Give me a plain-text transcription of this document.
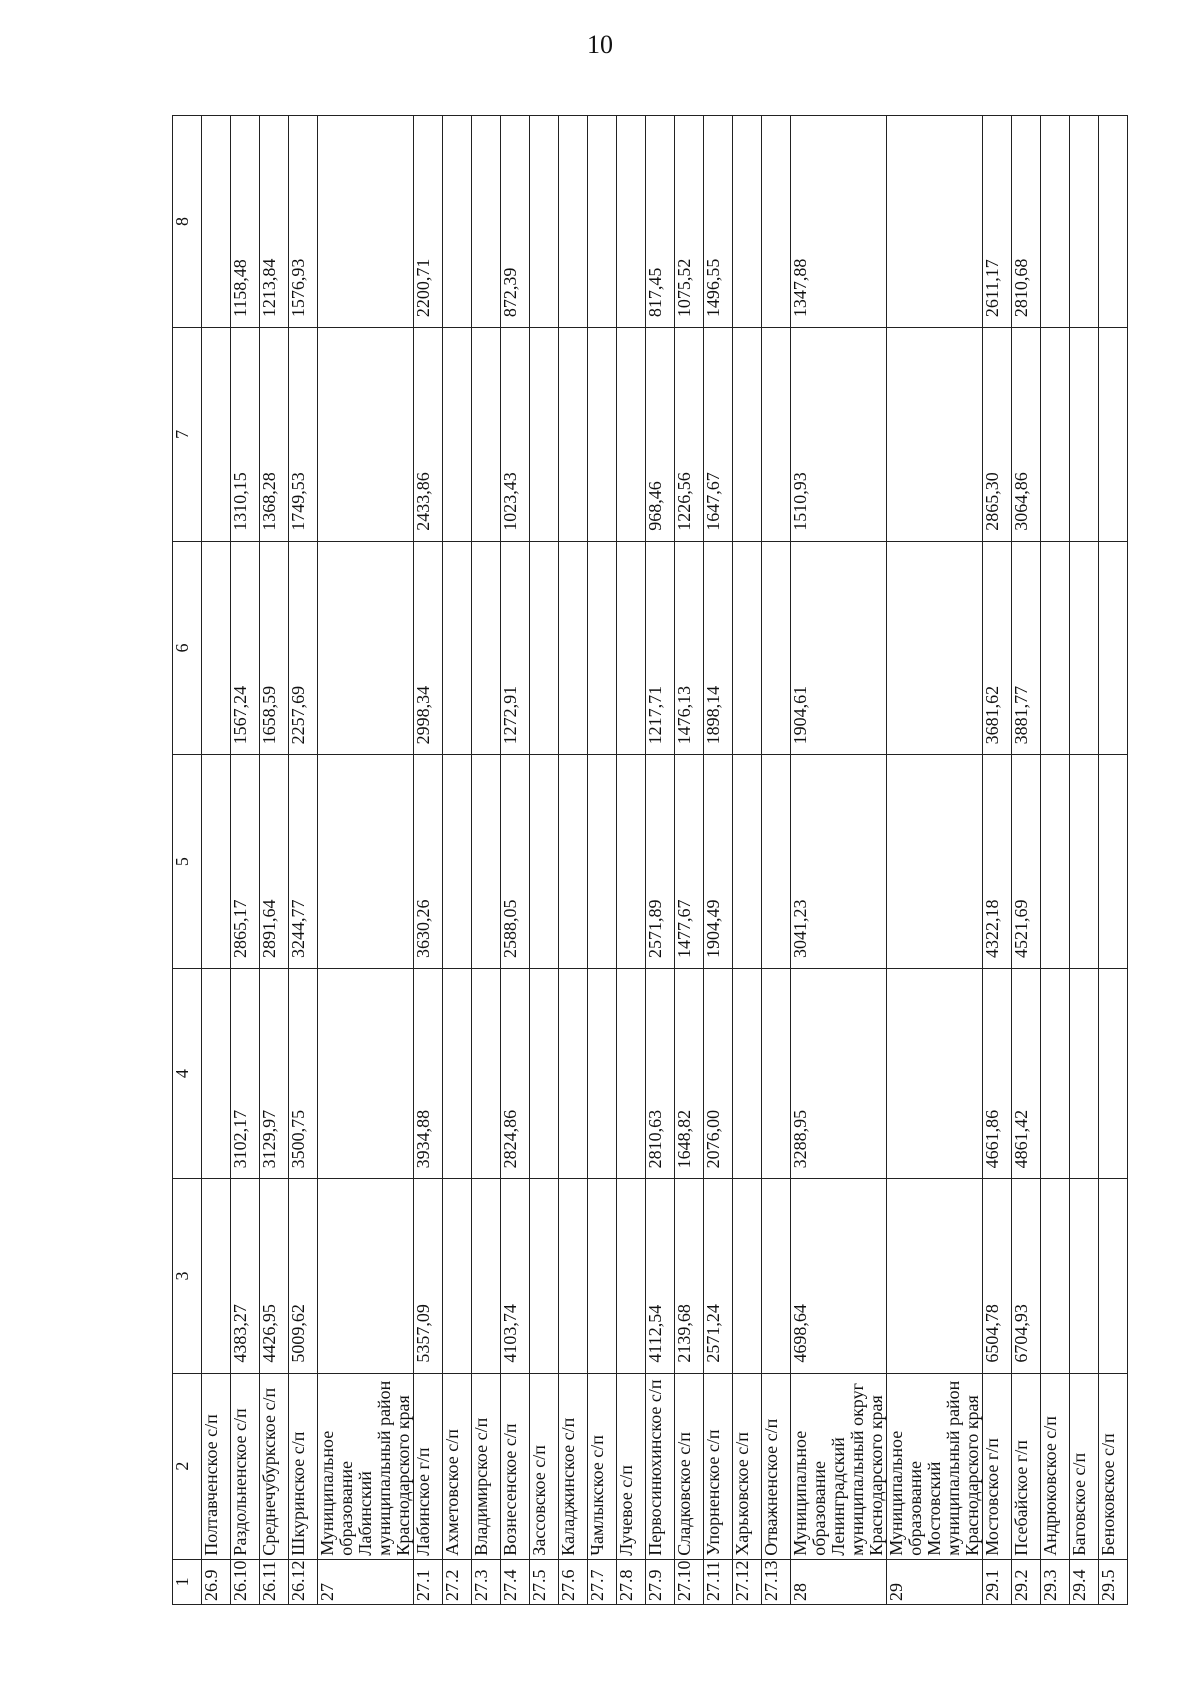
10
1	2	3	4	5	6	7	8
26.9	Полтавченское с/п						
26.10	Раздольненское с/п	4383,27	3102,17	2865,17	1567,24	1310,15	1158,48
26.11	Среднечубуркское с/п	4426,95	3129,97	2891,64	1658,59	1368,28	1213,84
26.12	Шкуринское с/п	5009,62	3500,75	3244,77	2257,69	1749,53	1576,93
27	Муниципальное образование Лабинский муниципальный район Краснодарского края						
27.1	Лабинское г/п	5357,09	3934,88	3630,26	2998,34	2433,86	2200,71
27.2	Ахметовское с/п						
27.3	Владимирское с/п						
27.4	Вознесенское с/п	4103,74	2824,86	2588,05	1272,91	1023,43	872,39
27.5	Зассовское с/п						
27.6	Каладжинское с/п						
27.7	Чамлыкское с/п						
27.8	Лучевое с/п						
27.9	Первосинюхинское с/п	4112,54	2810,63	2571,89	1217,71	968,46	817,45
27.10	Сладковское с/п	2139,68	1648,82	1477,67	1476,13	1226,56	1075,52
27.11	Упорненское с/п	2571,24	2076,00	1904,49	1898,14	1647,67	1496,55
27.12	Харьковское с/п						
27.13	Отважненское с/п						
28	Муниципальное образование Ленинградский муниципальный округ Краснодарского края	4698,64	3288,95	3041,23	1904,61	1510,93	1347,88
29	Муниципальное образование Мостовский муниципальный район Краснодарского края						
29.1	Мостовское г/п	6504,78	4661,86	4322,18	3681,62	2865,30	2611,17
29.2	Псебайское г/п	6704,93	4861,42	4521,69	3881,77	3064,86	2810,68
29.3	Андрюковское с/п						
29.4	Баговское с/п						
29.5	Беноковское с/п						
